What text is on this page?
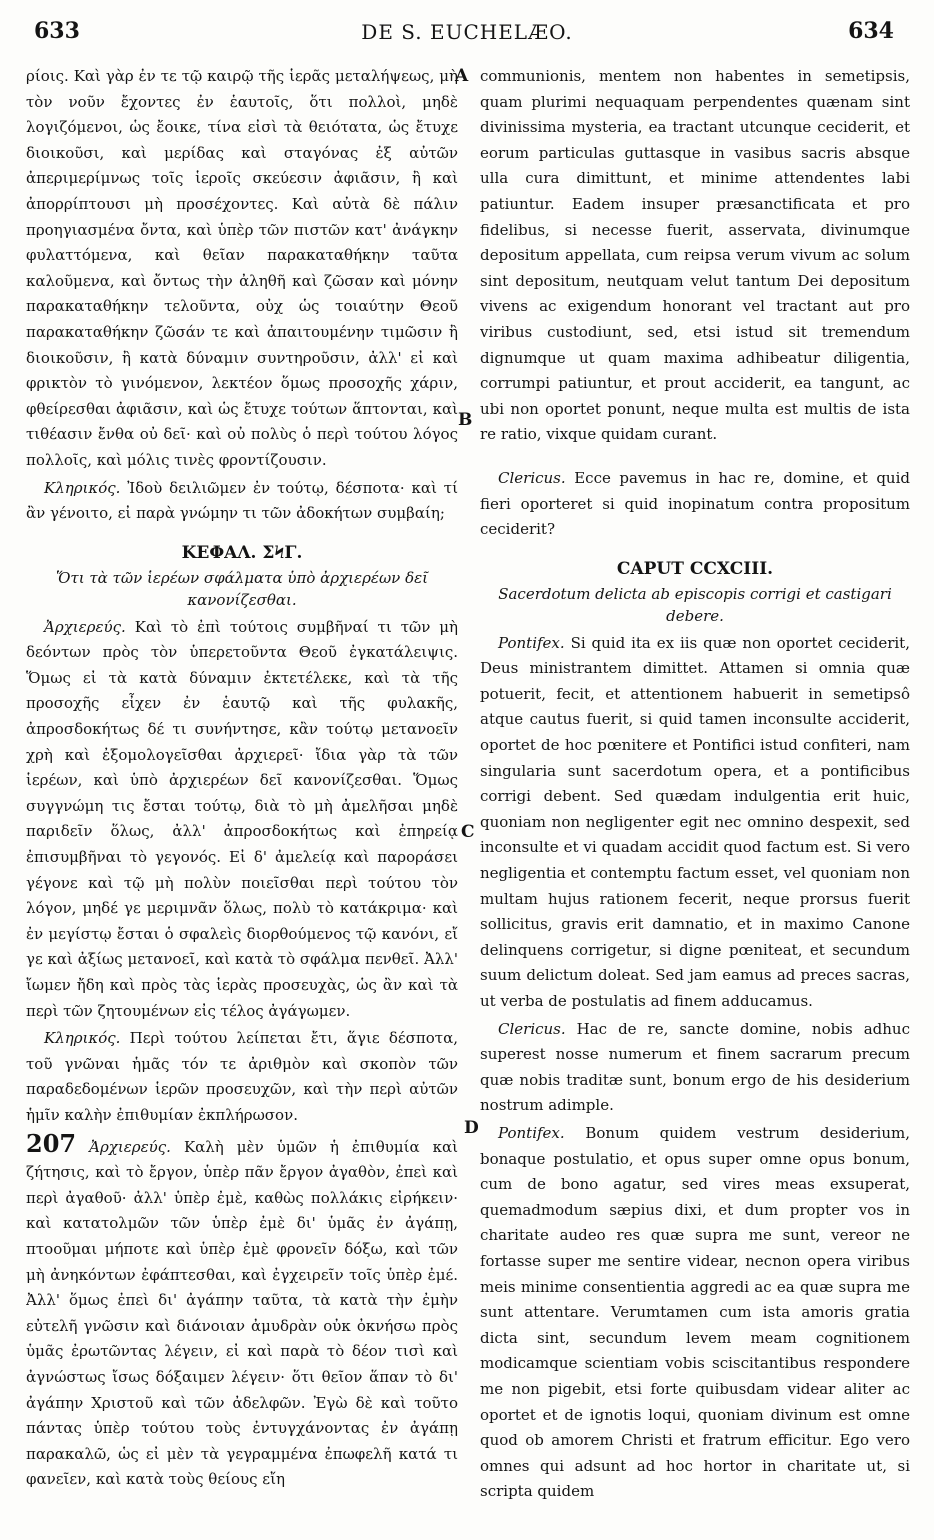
633	DE S. EUCHELÆO.	634
A
B
C
D

ρίοις. Καὶ γὰρ ἐν τε τῷ καιρῷ τῆς ἱερᾶς μεταλήψεως, μὴ τὸν νοῦν ἔχοντες ἐν ἑαυτοῖς, ὅτι πολλοὶ, μηδὲ λογιζόμενοι, ὡς ἔοικε, τίνα εἰσὶ τὰ θειότατα, ὡς ἔτυχε διοικοῦσι, καὶ μερίδας καὶ σταγόνας ἐξ αὐτῶν ἀπεριμερίμνως τοῖς ἱεροῖς σκεύεσιν ἀφιᾶσιν, ἢ καὶ ἀπορρίπτουσι μὴ προσέχοντες. Καὶ αὐτὰ δὲ πάλιν προηγιασμένα ὄντα, καὶ ὑπὲρ τῶν πιστῶν κατ' ἀνάγκην φυλαττόμενα, καὶ θεῖαν παρακαταθήκην ταῦτα καλοῦμενα, καὶ ὄντως τὴν ἀληθῆ καὶ ζῶσαν καὶ μόνην παρακαταθήκην τελοῦντα, οὐχ ὡς τοιαύτην Θεοῦ παρακαταθήκην ζῶσάν τε καὶ ἀπαιτουμένην τιμῶσιν ἢ διοικοῦσιν, ἢ κατὰ δύναμιν συντηροῦσιν, ἀλλ' εἰ καὶ φρικτὸν τὸ γινόμενον, λεκτέον ὅμως προσοχῆς χάριν, φθείρεσθαι ἀφιᾶσιν, καὶ ὡς ἔτυχε τούτων ἅπτονται, καὶ τιθέασιν ἔνθα οὐ δεῖ· καὶ οὐ πολὺς ὁ περὶ τούτου λόγος πολλοῖς, καὶ μόλις τινὲς φροντίζουσιν.

Κληρικός. Ἰδοὺ δειλιῶμεν ἐν τούτῳ, δέσποτα· καὶ τί ἂν γένοιτο, εἰ παρὰ γνώμην τι τῶν ἀδοκήτων συμβαίη;

ΚΕΦΑΛ. ΣϞΓ.
Ὅτι τὰ τῶν ἱερέων σφάλματα ὑπὸ ἀρχιερέων δεῖ κανονίζεσθαι.

Ἀρχιερεύς. Καὶ τὸ ἐπὶ τούτοις συμβῆναί τι τῶν μὴ δεόντων πρὸς τὸν ὑπερετοῦντα Θεοῦ ἐγκατάλειψις. Ὅμως εἰ τὰ κατὰ δύναμιν ἐκτετέλεκε, καὶ τὰ τῆς προσοχῆς εἶχεν ἐν ἑαυτῷ καὶ τῆς φυλακῆς, ἀπροσδοκήτως δέ τι συνήντησε, κἂν τούτῳ μετανοεῖν χρὴ καὶ ἐξομολογεῖσθαι ἀρχιερεῖ· ἴδια γὰρ τὰ τῶν ἱερέων, καὶ ὑπὸ ἀρχιερέων δεῖ κανονίζεσθαι. Ὅμως συγγνώμη τις ἔσται τούτῳ, διὰ τὸ μὴ ἀμελῆσαι μηδὲ παριδεῖν ὅλως, ἀλλ' ἀπροσδοκήτως καὶ ἐπηρείᾳ ἐπισυμβῆναι τὸ γεγονός. Εἰ δ' ἀμελείᾳ καὶ παροράσει γέγονε καὶ τῷ μὴ πολὺν ποιεῖσθαι περὶ τούτου τὸν λόγον, μηδέ γε μεριμνᾶν ὅλως, πολὺ τὸ κατάκριμα· καὶ ἐν μεγίστῳ ἔσται ὁ σφαλεὶς διορθούμενος τῷ κανόνι, εἴ γε καὶ ἀξίως μετανοεῖ, καὶ κατὰ τὸ σφάλμα πενθεῖ. Ἀλλ' ἴωμεν ἤδη καὶ πρὸς τὰς ἱερὰς προσευχὰς, ὡς ἂν καὶ τὰ περὶ τῶν ζητουμένων εἰς τέλος ἀγάγωμεν.

Κληρικός. Περὶ τούτου λείπεται ἔτι, ἅγιε δέσποτα, τοῦ γνῶναι ἡμᾶς τόν τε ἀριθμὸν καὶ σκοπὸν τῶν παραδεδομένων ἱερῶν προσευχῶν, καὶ τὴν περὶ αὐτῶν ἡμῖν καλὴν ἐπιθυμίαν ἐκπλήρωσον.

207 Ἀρχιερεύς. Καλὴ μὲν ὑμῶν ἡ ἐπιθυμία καὶ ζήτησις, καὶ τὸ ἔργον, ὑπὲρ πᾶν ἔργον ἀγαθὸν, ἐπεὶ καὶ περὶ ἀγαθοῦ· ἀλλ' ὑπὲρ ἐμὲ, καθὼς πολλάκις εἰρήκειν· καὶ κατατολμῶν τῶν ὑπὲρ ἐμὲ δι' ὑμᾶς ἐν ἀγάπῃ, πτοοῦμαι μήποτε καὶ ὑπὲρ ἐμὲ φρονεῖν δόξω, καὶ τῶν μὴ ἀνηκόντων ἐφάπτεσθαι, καὶ ἐγχειρεῖν τοῖς ὑπὲρ ἐμέ. Ἀλλ' ὅμως ἐπεὶ δι' ἀγάπην ταῦτα, τὰ κατὰ τὴν ἐμὴν εὐτελῆ γνῶσιν καὶ διάνοιαν ἀμυδρὰν οὐκ ὀκνήσω πρὸς ὑμᾶς ἐρωτῶντας λέγειν, εἰ καὶ παρὰ τὸ δέον τισὶ καὶ ἀγνώστως ἴσως δόξαιμεν λέγειν· ὅτι θεῖον ἅπαν τὸ δι' ἀγάπην Χριστοῦ καὶ τῶν ἀδελφῶν. Ἐγὼ δὲ καὶ τοῦτο πάντας ὑπὲρ τούτου τοὺς ἐντυγχάνοντας ἐν ἀγάπῃ παρακαλῶ, ὡς εἰ μὲν τὰ γεγραμμένα ἐπωφελῆ κατά τι φανεῖεν, καὶ κατὰ τοὺς θείους εἴη

communionis, mentem non habentes in semetipsis, quam plurimi nequaquam perpendentes quænam sint divinissima mysteria, ea tractant utcunque ceciderit, et eorum particulas guttasque in vasibus sacris absque ulla cura dimittunt, et minime attendentes labi patiuntur. Eadem insuper præsanctificata et pro fidelibus, si necesse fuerit, asservata, divinumque depositum appellata, cum reipsa verum vivum ac solum sint depositum, neutquam velut tantum Dei depositum vivens ac exigendum honorant vel tractant aut pro viribus custodiunt, sed, etsi istud sit tremendum dignumque ut quam maxima adhibeatur diligentia, corrumpi patiuntur, et prout acciderit, ea tangunt, ac ubi non oportet ponunt, neque multa est multis de ista re ratio, vixque quidam curant.

Clericus. Ecce pavemus in hac re, domine, et quid fieri oporteret si quid inopinatum contra propositum ceciderit?

CAPUT CCXCIII.
Sacerdotum delicta ab episcopis corrigi et castigari debere.

Pontifex. Si quid ita ex iis quæ non oportet ceciderit, Deus ministrantem dimittet. Attamen si omnia quæ potuerit, fecit, et attentionem habuerit in semetipsô atque cautus fuerit, si quid tamen inconsulte acciderit, oportet de hoc pœnitere et Pontifici istud confiteri, nam singularia sunt sacerdotum opera, et a pontificibus corrigi debent. Sed quædam indulgentia erit huic, quoniam non negligenter egit nec omnino despexit, sed inconsulte et vi quadam accidit quod factum est. Si vero negligentia et contemptu factum esset, vel quoniam non multam hujus rationem fecerit, neque prorsus fuerit sollicitus, gravis erit damnatio, et in maximo Canone delinquens corrigetur, si digne pœniteat, et secundum suum delictum doleat. Sed jam eamus ad preces sacras, ut verba de postulatis ad finem adducamus.

Clericus. Hac de re, sancte domine, nobis adhuc superest nosse numerum et finem sacrarum precum quæ nobis traditæ sunt, bonum ergo de his desiderium nostrum adimple.

Pontifex. Bonum quidem vestrum desiderium, bonaque postulatio, et opus super omne opus bonum, cum de bono agatur, sed vires meas exsuperat, quemadmodum sæpius dixi, et dum propter vos in charitate audeo res quæ supra me sunt, vereor ne fortasse super me sentire videar, necnon opera viribus meis minime consentientia aggredi ac ea quæ supra me sunt attentare. Verumtamen cum ista amoris gratia dicta sint, secundum levem meam cognitionem modicamque scientiam vobis sciscitantibus respondere me non pigebit, etsi forte quibusdam videar aliter ac oportet et de ignotis loqui, quoniam divinum est omne quod ob amorem Christi et fratrum efficitur. Ego vero omnes qui adsunt ad hoc hortor in charitate ut, si scripta quidem
